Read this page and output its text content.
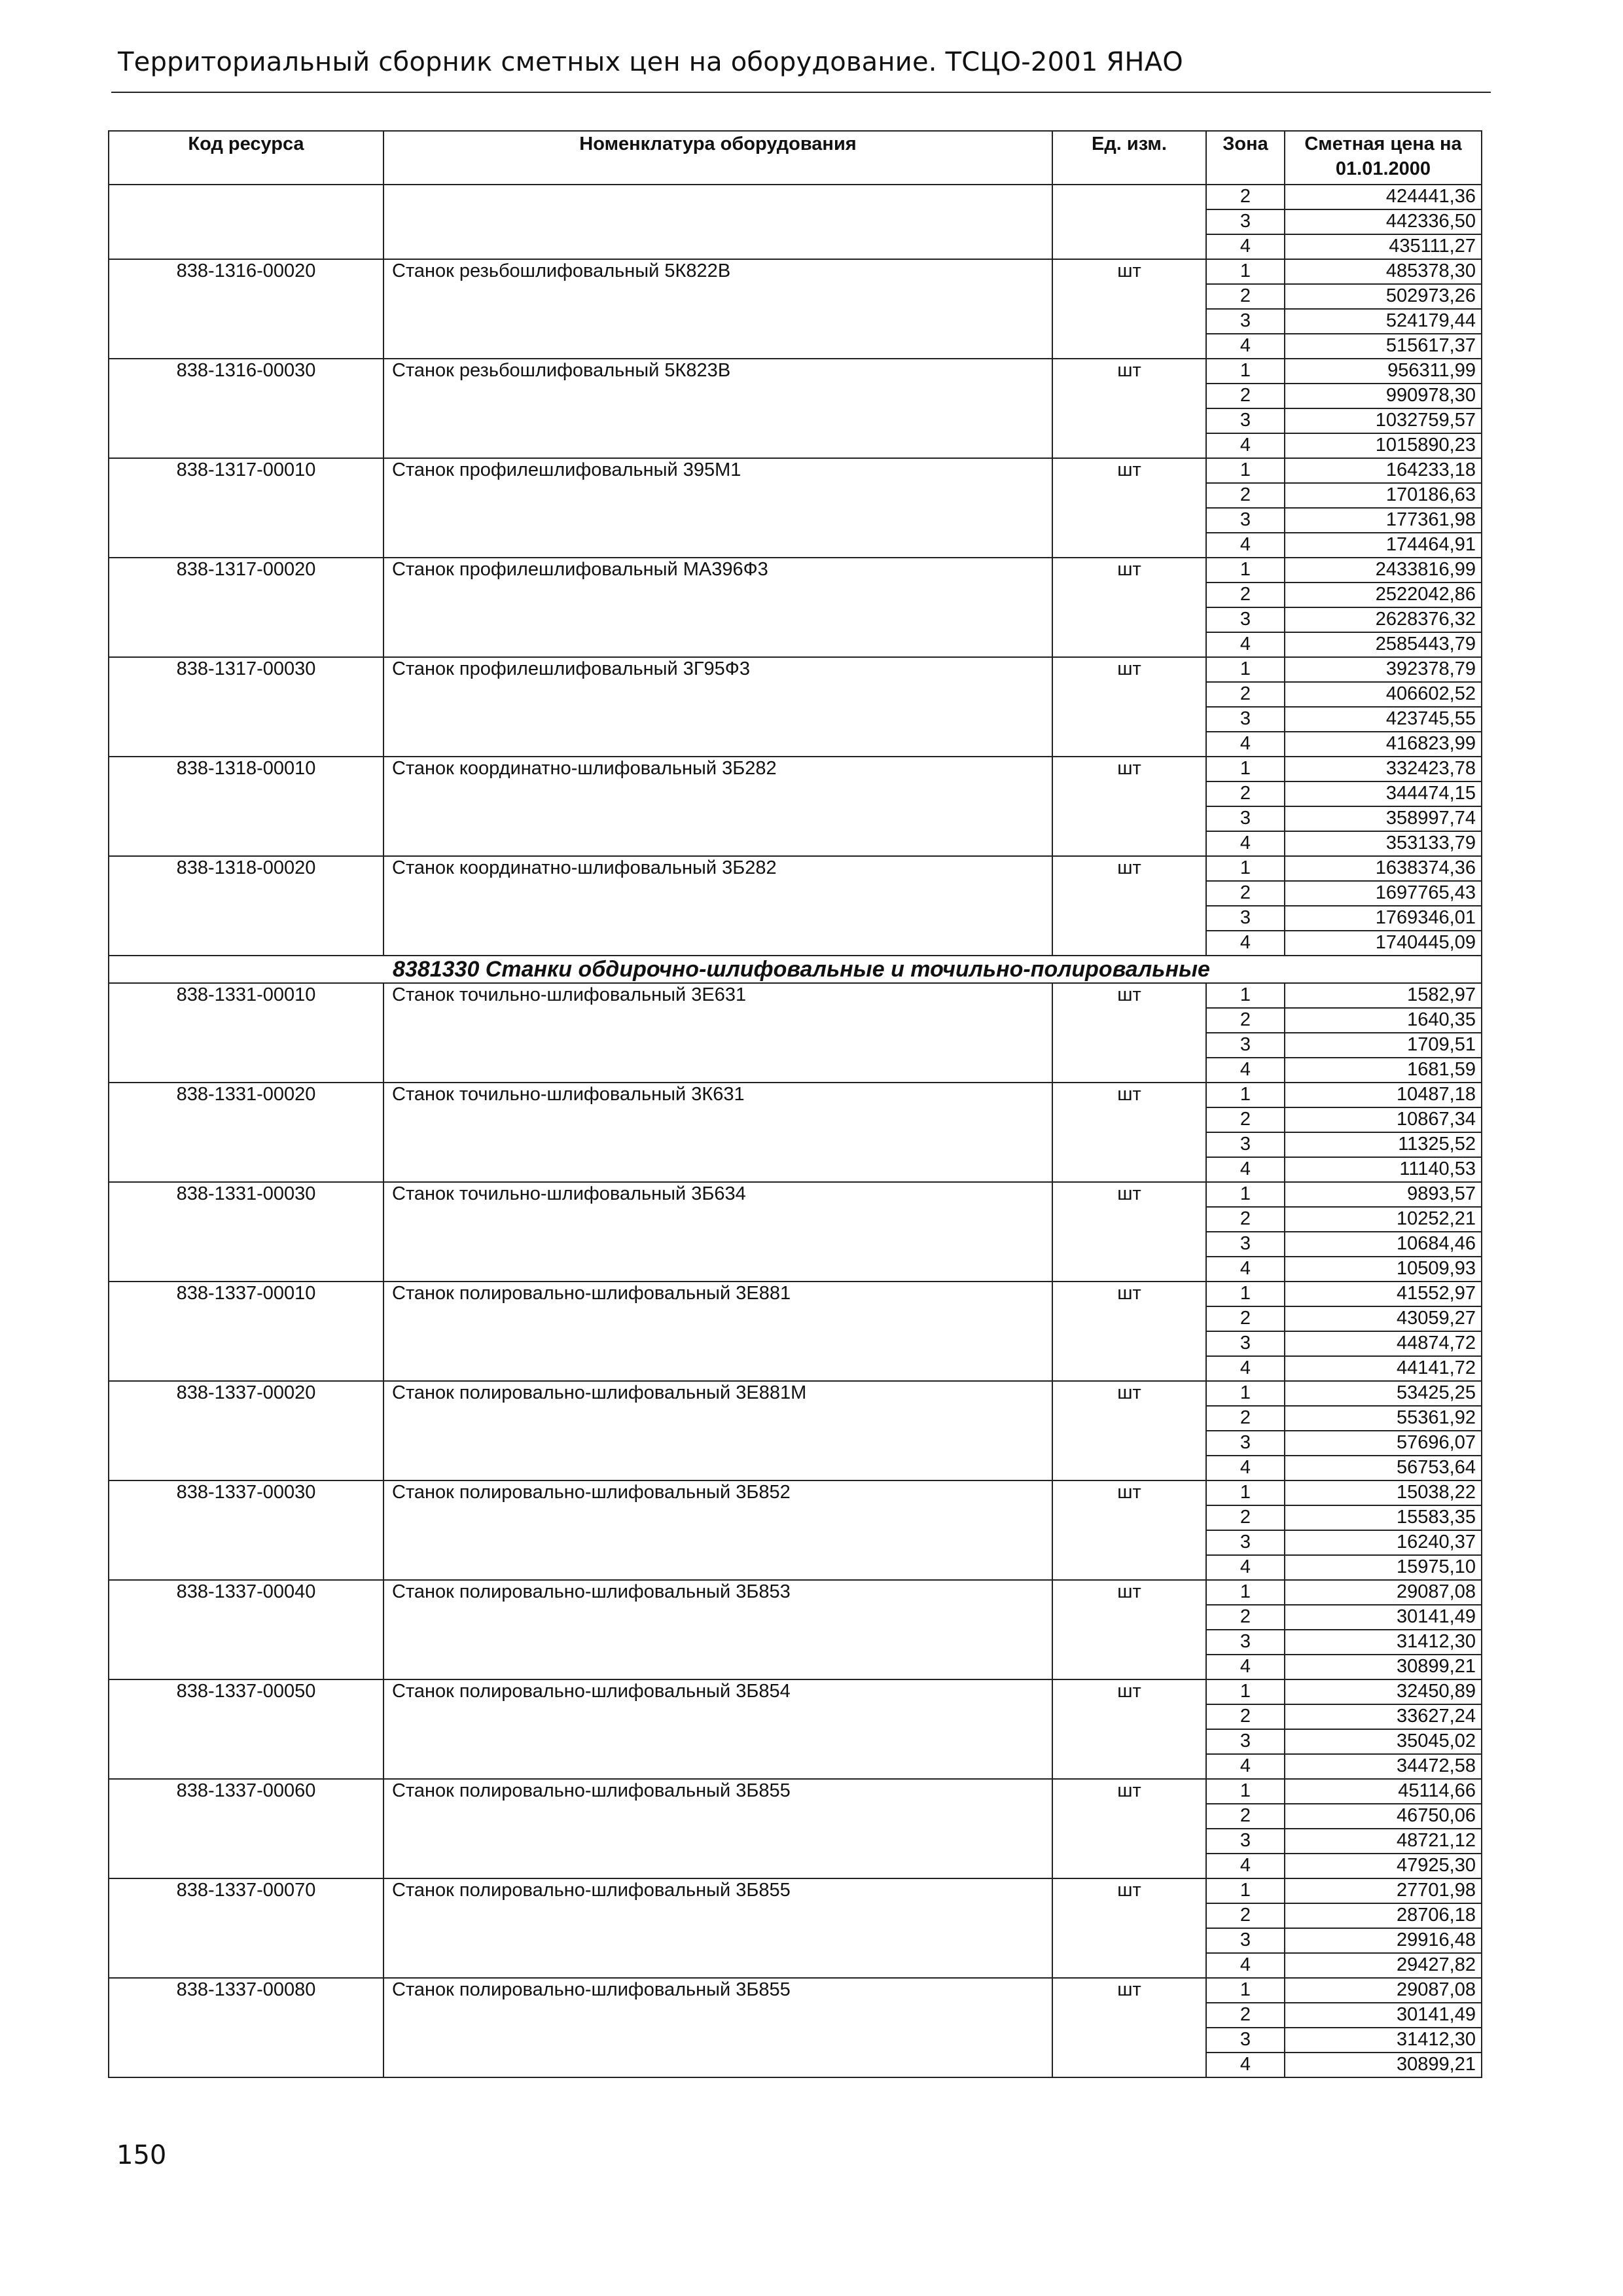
Территориальный сборник сметных цен на оборудование. ТСЦО-2001 ЯНАО
Код ресурса	Номенклатура оборудования	Ед. изм.	Зона	Сметная цена на 01.01.2000
			2	424441,36
			3	442336,50
			4	435111,27
838-1316-00020	Станок резьбошлифовальный 5К822В	шт	1	485378,30
			2	502973,26
			3	524179,44
			4	515617,37
838-1316-00030	Станок резьбошлифовальный 5К823В	шт	1	956311,99
			2	990978,30
			3	1032759,57
			4	1015890,23
838-1317-00010	Станок профилешлифовальный 395М1	шт	1	164233,18
			2	170186,63
			3	177361,98
			4	174464,91
838-1317-00020	Станок профилешлифовальный МА396Ф3	шт	1	2433816,99
			2	2522042,86
			3	2628376,32
			4	2585443,79
838-1317-00030	Станок профилешлифовальный 3Г95Ф3	шт	1	392378,79
			2	406602,52
			3	423745,55
			4	416823,99
838-1318-00010	Станок координатно-шлифовальный 3Б282	шт	1	332423,78
			2	344474,15
			3	358997,74
			4	353133,79
838-1318-00020	Станок координатно-шлифовальный 3Б282	шт	1	1638374,36
			2	1697765,43
			3	1769346,01
			4	1740445,09
8381330 Станки обдирочно-шлифовальные и точильно-полировальные				
838-1331-00010	Станок точильно-шлифовальный 3Е631	шт	1	1582,97
			2	1640,35
			3	1709,51
			4	1681,59
838-1331-00020	Станок точильно-шлифовальный 3К631	шт	1	10487,18
			2	10867,34
			3	11325,52
			4	11140,53
838-1331-00030	Станок точильно-шлифовальный 3Б634	шт	1	9893,57
			2	10252,21
			3	10684,46
			4	10509,93
838-1337-00010	Станок полировально-шлифовальный 3Е881	шт	1	41552,97
			2	43059,27
			3	44874,72
			4	44141,72
838-1337-00020	Станок полировально-шлифовальный 3Е881М	шт	1	53425,25
			2	55361,92
			3	57696,07
			4	56753,64
838-1337-00030	Станок полировально-шлифовальный 3Б852	шт	1	15038,22
			2	15583,35
			3	16240,37
			4	15975,10
838-1337-00040	Станок полировально-шлифовальный 3Б853	шт	1	29087,08
			2	30141,49
			3	31412,30
			4	30899,21
838-1337-00050	Станок полировально-шлифовальный 3Б854	шт	1	32450,89
			2	33627,24
			3	35045,02
			4	34472,58
838-1337-00060	Станок полировально-шлифовальный 3Б855	шт	1	45114,66
			2	46750,06
			3	48721,12
			4	47925,30
838-1337-00070	Станок полировально-шлифовальный 3Б855	шт	1	27701,98
			2	28706,18
			3	29916,48
			4	29427,82
838-1337-00080	Станок полировально-шлифовальный 3Б855	шт	1	29087,08
			2	30141,49
			3	31412,30
			4	30899,21
150
